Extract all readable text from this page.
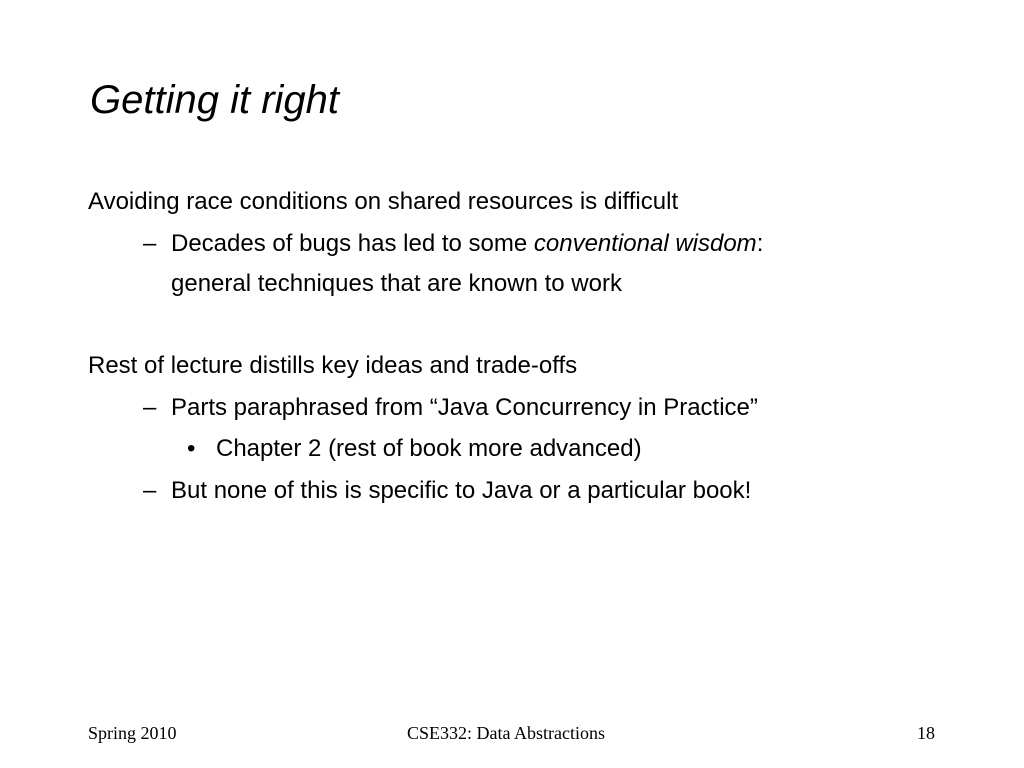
Getting it right
Avoiding race conditions on shared resources is difficult
– Decades of bugs has led to some conventional wisdom:
general techniques that are known to work
Rest of lecture distills key ideas and trade-offs
– Parts paraphrased from “Java Concurrency in Practice”
• Chapter 2 (rest of book more advanced)
– But none of this is specific to Java or a particular book!
Spring 2010	CSE332: Data Abstractions	18
